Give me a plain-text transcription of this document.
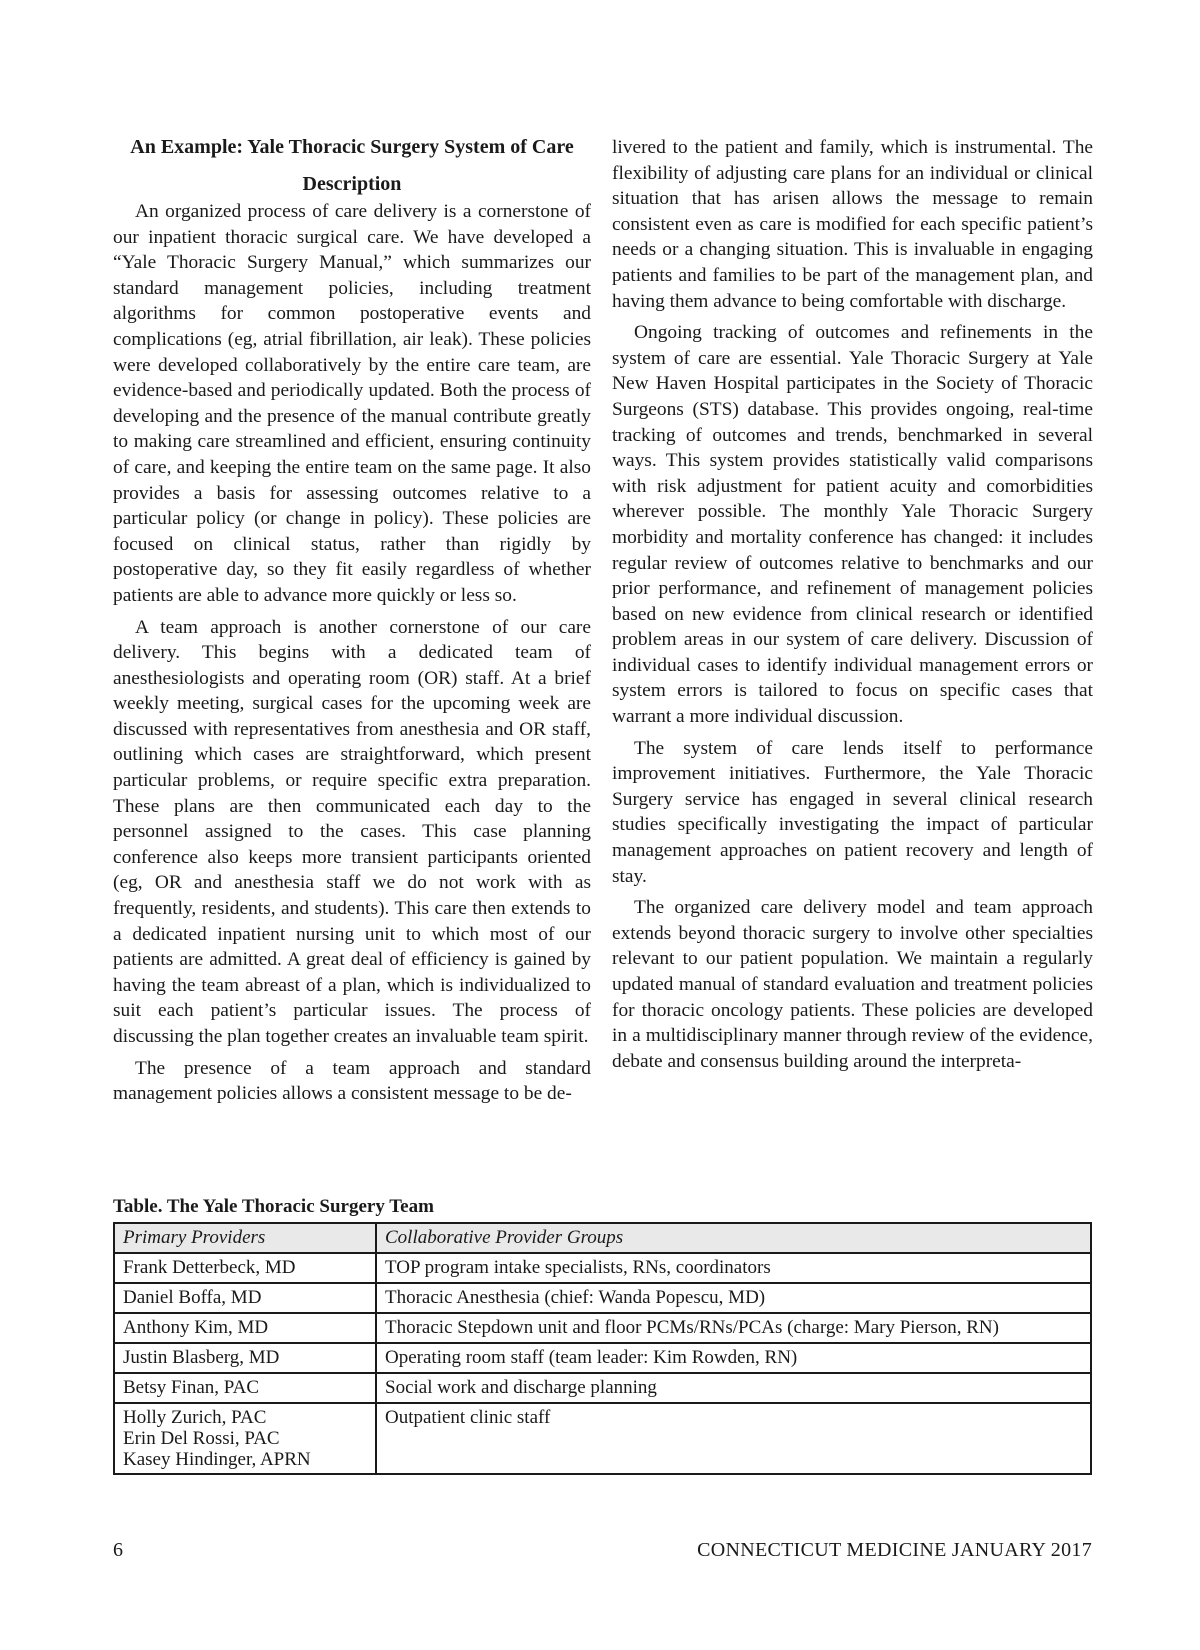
An Example: Yale Thoracic Surgery System of Care
Description

An organized process of care delivery is a cornerstone of our inpatient thoracic surgical care. We have developed a “Yale Thoracic Surgery Manual,” which summarizes our standard management policies, including treatment algorithms for common postoperative events and complications (eg, atrial fibrillation, air leak). These policies were developed collaboratively by the entire care team, are evidence-based and periodically updated. Both the process of developing and the presence of the manual contribute greatly to making care streamlined and efficient, ensuring continuity of care, and keeping the entire team on the same page. It also provides a basis for assessing outcomes relative to a particular policy (or change in policy). These policies are focused on clinical status, rather than rigidly by postoperative day, so they fit easily regardless of whether patients are able to advance more quickly or less so.

A team approach is another cornerstone of our care delivery. This begins with a dedicated team of anesthesiologists and operating room (OR) staff. At a brief weekly meeting, surgical cases for the upcoming week are discussed with representatives from anesthesia and OR staff, outlining which cases are straightforward, which present particular problems, or require specific extra preparation. These plans are then communicated each day to the personnel assigned to the cases. This case planning conference also keeps more transient participants oriented (eg, OR and anesthesia staff we do not work with as frequently, residents, and students). This care then extends to a dedicated inpatient nursing unit to which most of our patients are admitted. A great deal of efficiency is gained by having the team abreast of a plan, which is individualized to suit each patient’s particular issues. The process of discussing the plan together creates an invaluable team spirit.

The presence of a team approach and standard management policies allows a consistent message to be de-

livered to the patient and family, which is instrumental. The flexibility of adjusting care plans for an individual or clinical situation that has arisen allows the message to remain consistent even as care is modified for each specific patient’s needs or a changing situation. This is invaluable in engaging patients and families to be part of the management plan, and having them advance to being comfortable with discharge.

Ongoing tracking of outcomes and refinements in the system of care are essential. Yale Thoracic Surgery at Yale New Haven Hospital participates in the Society of Thoracic Surgeons (STS) database. This provides ongoing, real-time tracking of outcomes and trends, benchmarked in several ways. This system provides statistically valid comparisons with risk adjustment for patient acuity and comorbidities wherever possible. The monthly Yale Thoracic Surgery morbidity and mortality conference has changed: it includes regular review of outcomes relative to benchmarks and our prior performance, and refinement of management policies based on new evidence from clinical research or identified problem areas in our system of care delivery. Discussion of individual cases to identify individual management errors or system errors is tailored to focus on specific cases that warrant a more individual discussion.

The system of care lends itself to performance improvement initiatives. Furthermore, the Yale Thoracic Surgery service has engaged in several clinical research studies specifically investigating the impact of particular management approaches on patient recovery and length of stay.

The organized care delivery model and team approach extends beyond thoracic surgery to involve other specialties relevant to our patient population. We maintain a regularly updated manual of standard evaluation and treatment policies for thoracic oncology patients. These policies are developed in a multidisciplinary manner through review of the evidence, debate and consensus building around the interpreta-

Table. The Yale Thoracic Surgery Team
Primary Providers	Collaborative Provider Groups
Frank Detterbeck, MD	TOP program intake specialists, RNs, coordinators
Daniel Boffa, MD	Thoracic Anesthesia (chief: Wanda Popescu, MD)
Anthony Kim, MD	Thoracic Stepdown unit and floor PCMs/RNs/PCAs (charge: Mary Pierson, RN)
Justin Blasberg, MD	Operating room staff (team leader: Kim Rowden, RN)
Betsy Finan, PAC	Social work and discharge planning

Holly Zurich, PAC
Erin Del Rossi, PAC
Kasey Hindinger, APRN	Outpatient clinic staff
6	CONNECTICUT MEDICINE JANUARY 2017
